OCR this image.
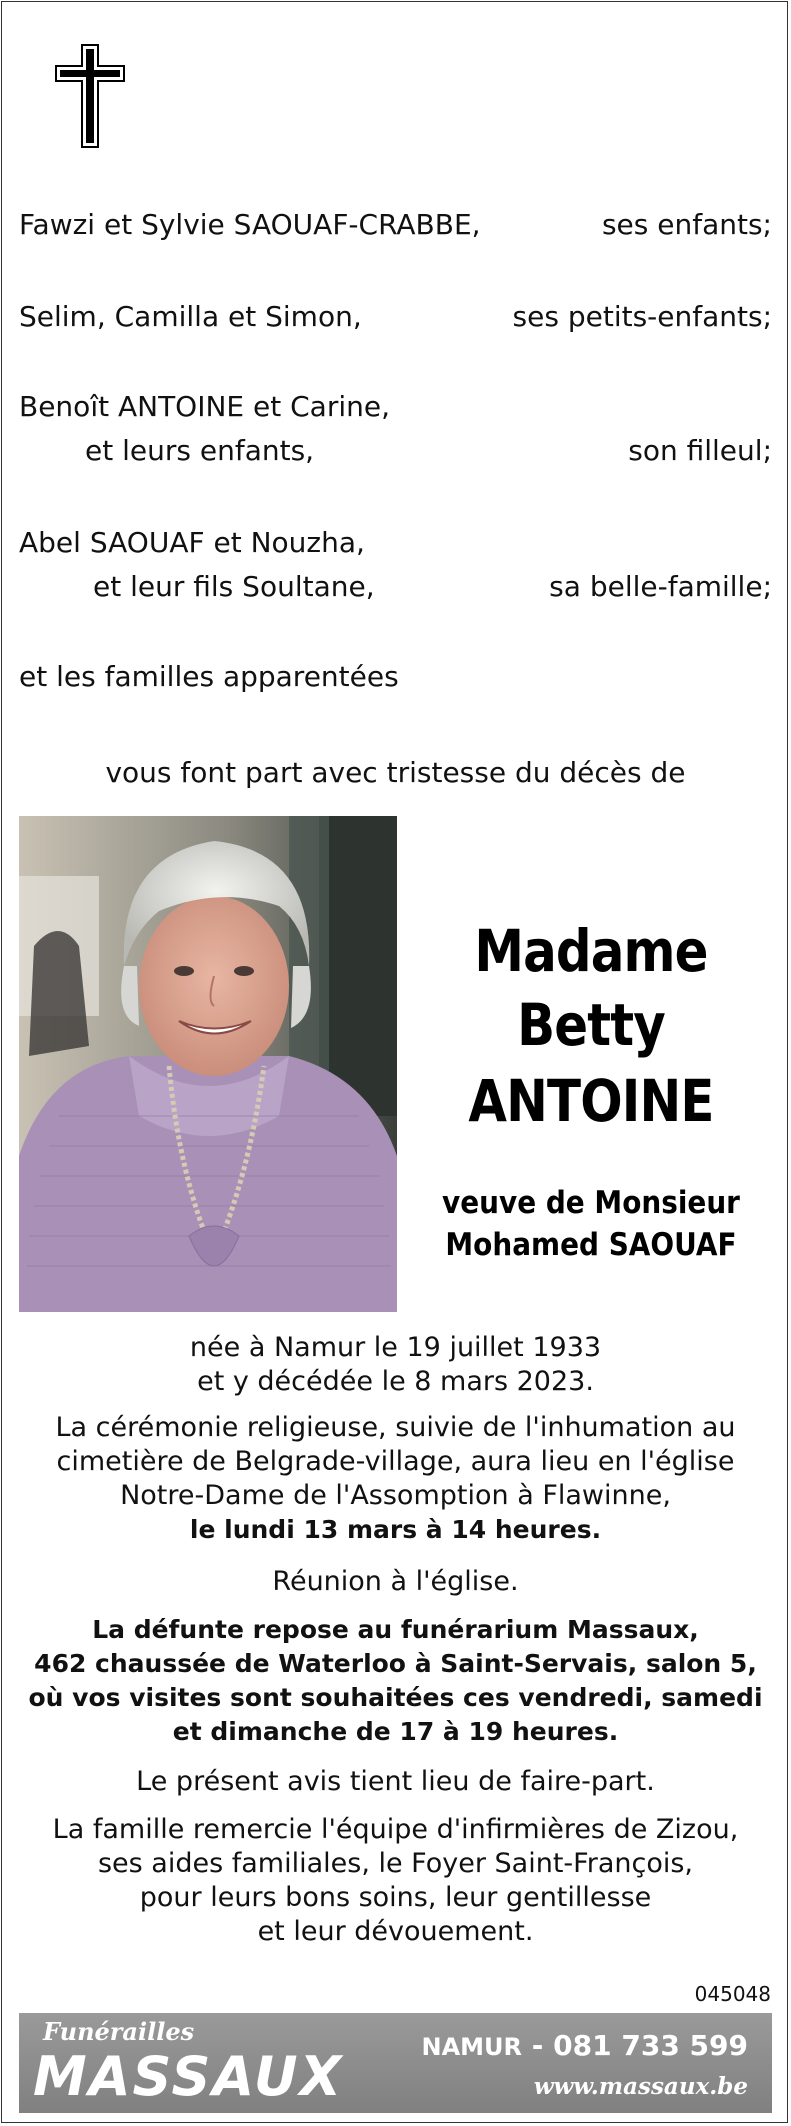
Fawzi et Sylvie SAOUAF-CRABBE,	ses enfants;
Selim, Camilla et Simon,	ses petits-enfants;
Benoît ANTOINE et Carine,
et leurs enfants,	son filleul;
Abel SAOUAF et Nouzha,
et leur fils Soultane,	sa belle-famille;
et les familles apparentées
vous font part avec tristesse du décès de
Madame
Betty
ANTOINE
veuve de Monsieur
Mohamed SAOUAF
née à Namur le 19 juillet 1933
et y décédée le 8 mars 2023.
La cérémonie religieuse, suivie de l'inhumation au
cimetière de Belgrade-village, aura lieu en l'église
Notre-Dame de l'Assomption à Flawinne,
le lundi 13 mars à 14 heures.
Réunion à l'église.
La défunte repose au funérarium Massaux,
462 chaussée de Waterloo à Saint-Servais, salon 5,
où vos visites sont souhaitées ces vendredi, samedi
et dimanche de 17 à 19 heures.
Le présent avis tient lieu de faire-part.
La famille remercie l'équipe d'infirmières de Zizou,
ses aides familiales, le Foyer Saint-François,
pour leurs bons soins, leur gentillesse
et leur dévouement.
045048
Funérailles
MASSAUX	NAMUR - 081 733 599
www.massaux.be
